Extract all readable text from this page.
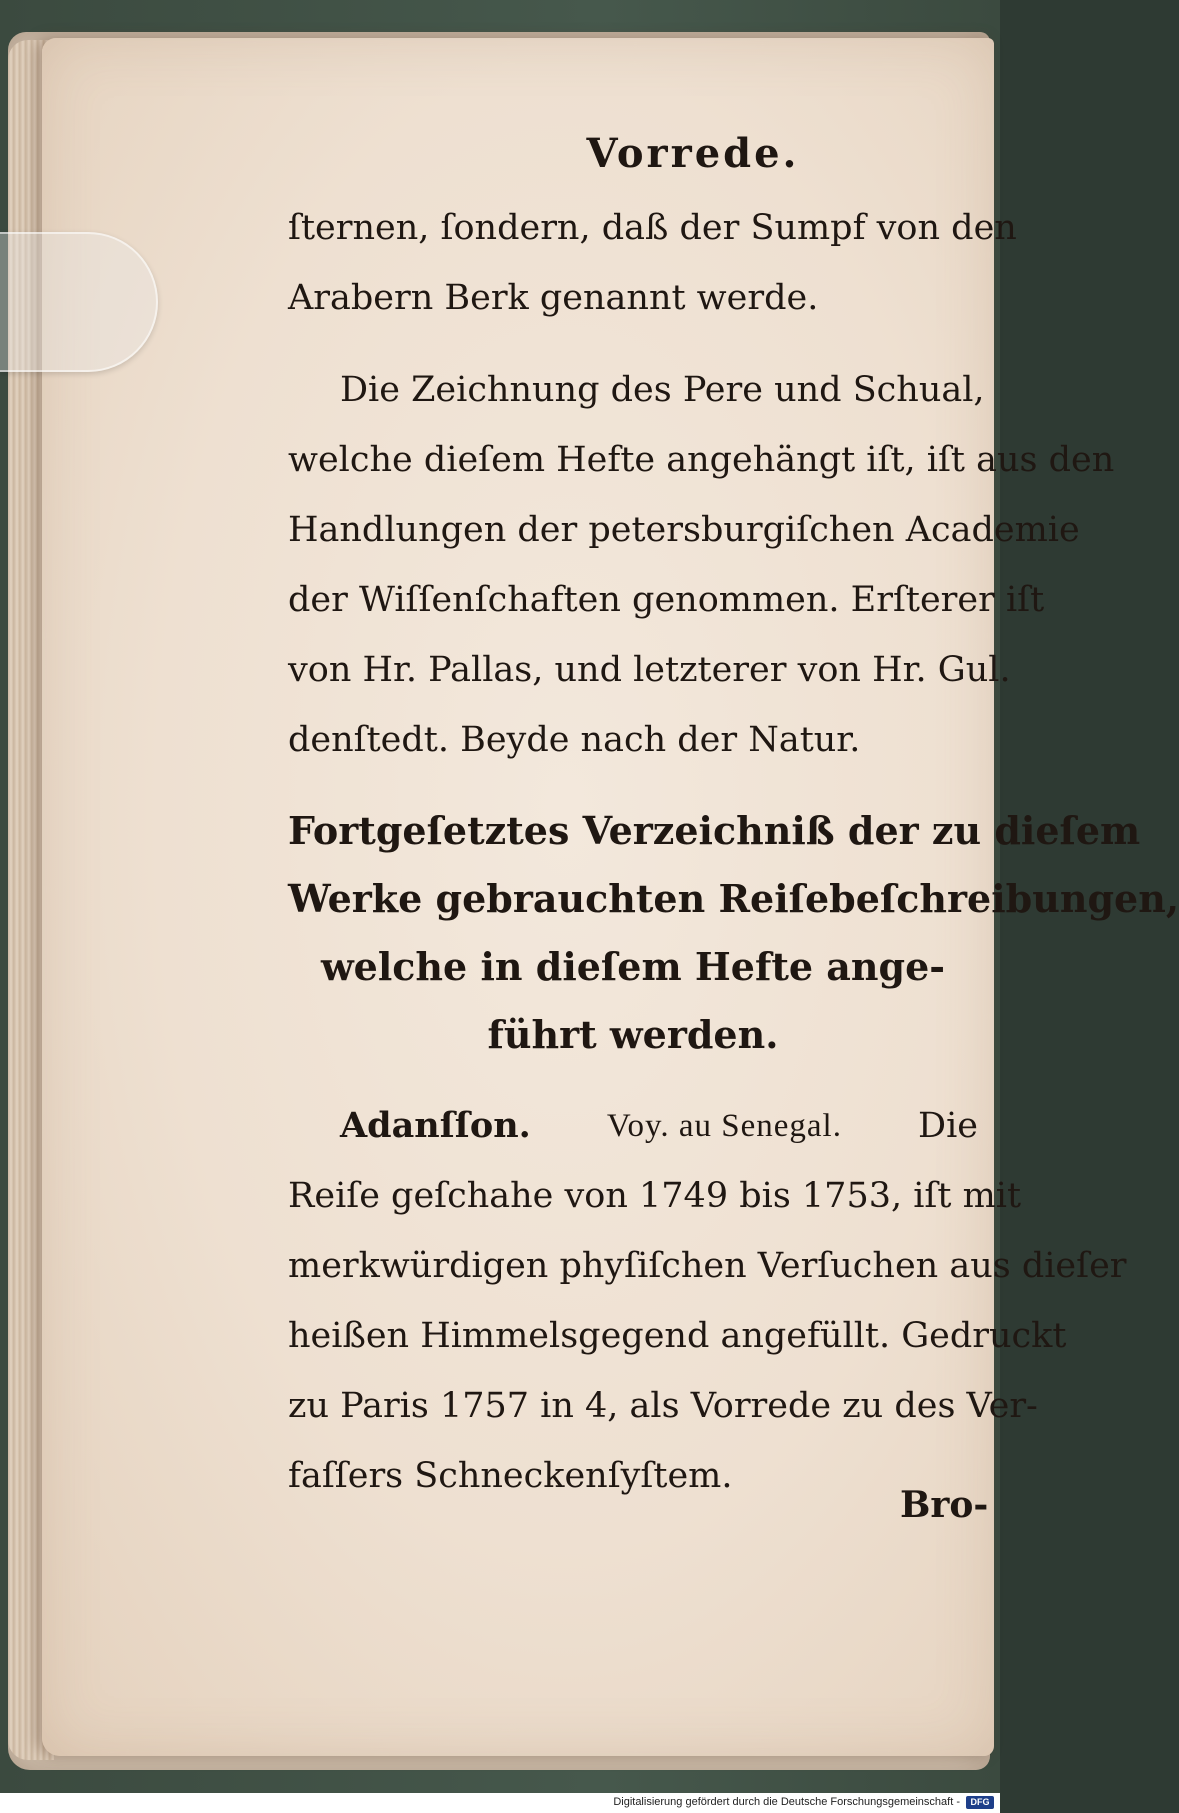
Vorrede.
ſternen, ſondern, daß der Sumpf von den
Arabern Berk genannt werde.
Die Zeichnung des Pere und Schual,
welche dieſem Hefte angehängt iſt, iſt aus den
Handlungen der petersburgiſchen Academie
der Wiſſenſchaften genommen. Erſterer iſt
von Hr. Pallas, und letzterer von Hr. Gul.
denſtedt. Beyde nach der Natur.
Fortgeſetztes Verzeichniß der zu dieſem
Werke gebrauchten Reiſebeſchreibungen,
welche in dieſem Hefte ange-
führt werden.
Adanſſon. Voy. au Senegal. Die
Reiſe geſchahe von 1749 bis 1753, iſt mit
merkwürdigen phyſiſchen Verſuchen aus dieſer
heißen Himmelsgegend angefüllt. Gedruckt
zu Paris 1757 in 4, als Vorrede zu des Ver-
faſſers Schneckenſyſtem.
Bro-
Digitalisierung gefördert durch die Deutsche Forschungsgemeinschaft -	DFG
